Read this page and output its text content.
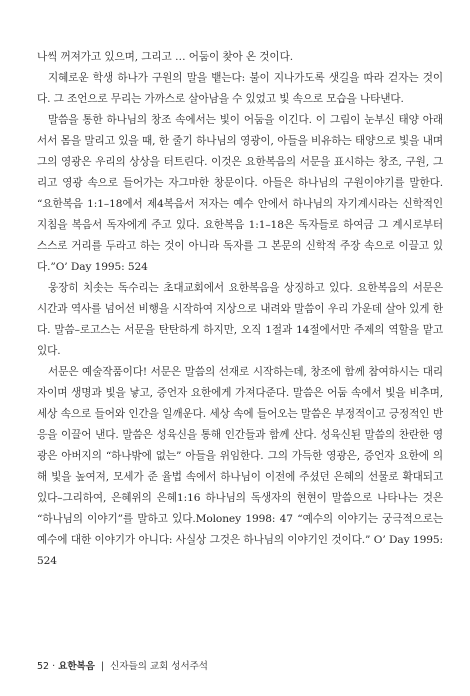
나씩 꺼져가고 있으며, 그리고 … 어둠이 찾아 온 것이다.

지혜로운 학생 하나가 구원의 말을 뱉는다: 불이 지나가도록 샛길을 따라 걷자는 것이다. 그 조언으로 무리는 가까스로 살아남을 수 있었고 빛 속으로 모습을 나타낸다.

말씀을 통한 하나님의 창조 속에서는 빛이 어둠을 이긴다. 이 그림이 눈부신 태양 아래 서서 몸을 말리고 있을 때, 한 줄기 하나님의 영광이, 아들을 비유하는 태양으로 빛을 내며 그의 영광은 우리의 상상을 터트린다. 이것은 요한복음의 서문을 표시하는 창조, 구원, 그리고 영광 속으로 들어가는 자그마한 창문이다. 아들은 하나님의 구원이야기를 말한다. “요한복음 1:1–18에서 제4복음서 저자는 예수 안에서 하나님의 자기계시라는 신학적인 지침을 복음서 독자에게 주고 있다. 요한복음 1:1–18은 독자들로 하여금 그 계시로부터 스스로 거리를 두라고 하는 것이 아니라 독자를 그 본문의 신학적 주장 속으로 이끌고 있다.”O’ Day 1995: 524

웅장히 치솟는 독수리는 초대교회에서 요한복음을 상징하고 있다. 요한복음의 서문은 시간과 역사를 넘어선 비행을 시작하여 지상으로 내려와 말씀이 우리 가운데 살아 있게 한다. 말씀–로고스는 서문을 탄탄하게 하지만, 오직 1절과 14절에서만 주제의 역할을 맡고 있다.

서문은 예술작품이다! 서문은 말씀의 선재로 시작하는데, 창조에 함께 참여하시는 대리자이며 생명과 빛을 낳고, 증언자 요한에게 가져다준다. 말씀은 어둠 속에서 빛을 비추며, 세상 속으로 들어와 인간을 일깨운다. 세상 속에 들어오는 말씀은 부정적이고 긍정적인 반응을 이끌어 낸다. 말씀은 성육신을 통해 인간들과 함께 산다. 성육신된 말씀의 찬란한 영광은 아버지의 “하나밖에 없는” 아들을 위임한다. 그의 가득한 영광은, 증언자 요한에 의해 빛을 높여져, 모세가 준 율법 속에서 하나님이 이전에 주셨던 은혜의 선물로 확대되고 있다–그리하여, 은혜위의 은혜1:16 하나님의 독생자의 현현이 말씀으로 나타나는 것은 “하나님의 이야기”를 말하고 있다.Moloney 1998: 47 “예수의 이야기는 궁극적으로는 예수에 대한 이야기가 아니다: 사실상 그것은 하나님의 이야기인 것이다.” O’ Day 1995: 524

52 · 요한복음 | 신자들의 교회 성서주석
